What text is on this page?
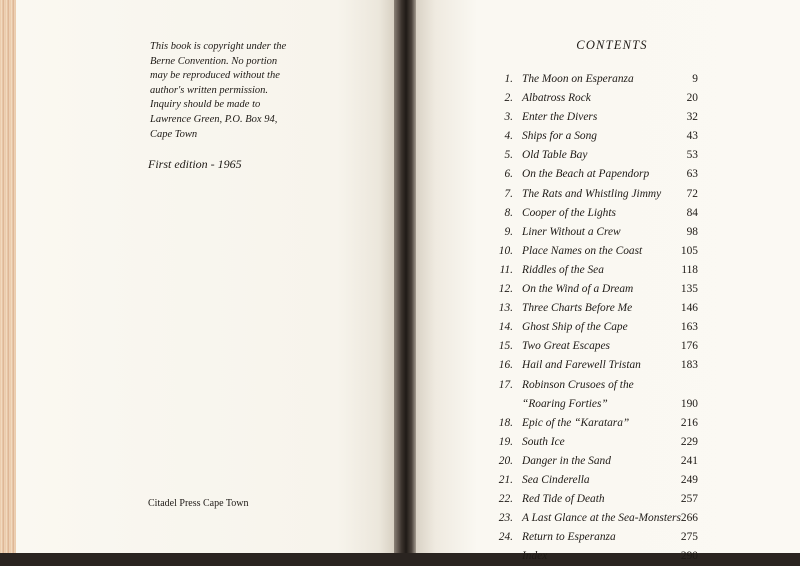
This book is copyright under the
Berne Convention. No portion
may be reproduced without the
author's written permission.
Inquiry should be made to
Lawrence Green, P.O. Box 94,
Cape Town
First edition - 1965
Citadel Press Cape Town
CONTENTS
1. The Moon on Esperanza	9
2. Albatross Rock	20
3. Enter the Divers	32
4. Ships for a Song	43
5. Old Table Bay	53
6. On the Beach at Papendorp	63
7. The Rats and Whistling Jimmy	72
8. Cooper of the Lights	84
9. Liner Without a Crew	98
10. Place Names on the Coast	105
11. Riddles of the Sea	118
12. On the Wind of a Dream	135
13. Three Charts Before Me	146
14. Ghost Ship of the Cape	163
15. Two Great Escapes	176
16. Hail and Farewell Tristan	183
17. Robinson Crusoes of the “Roaring Forties”	190
18. Epic of the “Karatara”	216
19. South Ice	229
20. Danger in the Sand	241
21. Sea Cinderella	249
22. Red Tide of Death	257
23. A Last Glance at the Sea-Monsters 266
24. Return to Esperanza	275
Index	290
